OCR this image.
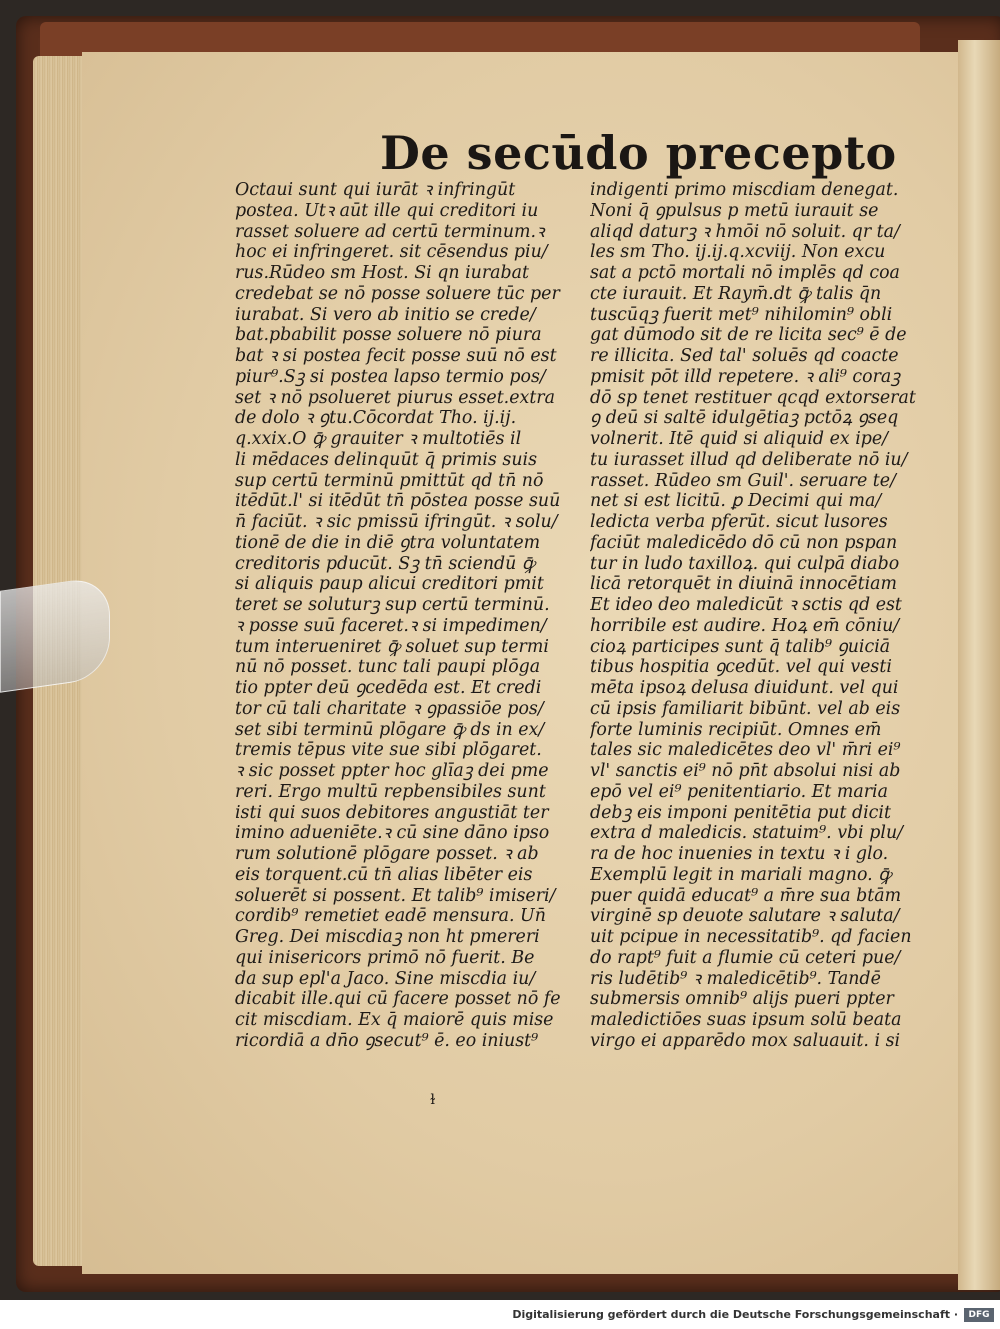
De secūdo precepto
Octaui sunt qui iurāt ꝛ infringūt
postea. Utꝛ aūt ille qui creditori iu
rasset soluere ad certū terminum.ꝛ
hoc ei infringeret. sit cēsendus piu/
rus.Rūdeo sm Host. Si qn iurabat
credebat se nō posse soluere tūc per
iurabat. Si vero ab initio se crede/
bat.pbabilit posse soluere nō piura
bat ꝛ si postea fecit posse suū nō est
piur⁹.Sꝫ si postea lapso termio pos/
set ꝛ nō psolueret piurus esset.extra
de dolo ꝛ ꝯtu.Cōcordat Tho. ij.ij.
q.xxix.O ꝙ̄ grauiter ꝛ multotiēs il
li mēdaces delinquūt q̄ primis suis
sup certū terminū pmittūt qd tn̄ nō
itēdūt.l' si itēdūt tn̄ pōstea posse suū
n̄ faciūt. ꝛ sic pmissū ifringūt. ꝛ solu/
tionē de die in diē ꝯtra voluntatem
creditoris pducūt. Sꝫ tn̄ sciendū ꝙ̄
si aliquis paup alicui creditori pmit
teret se soluturꝫ sup certū terminū.
ꝛ posse suū faceret.ꝛ si impedimen/
tum interueniret ꝙ̄ soluet sup termi
nū nō posset. tunc tali paupi plōga
tio ppter deū ꝯcedēda est. Et credi
tor cū tali charitate ꝛ ꝯpassiōe pos/
set sibi terminū plōgare ꝙ̄ ds in ex/
tremis tēpus vite sue sibi plōgaret.
ꝛ sic posset ppter hoc glīaꝫ dei pme
reri. Ergo multū repbensibiles sunt
isti qui suos debitores angustiāt ter
imino adueniēte.ꝛ cū sine dāno ipso
rum solutionē plōgare posset. ꝛ ab
eis torquent.cū tn̄ alias libēter eis
soluerēt si possent. Et talib⁹ imiseri/
cordib⁹ remetiet eadē mensura. Un̄
Greg. Dei miscdiaꝫ non ht pmereri
qui inisericors primō nō fuerit. Be
da sup epl'a Jaco. Sine miscdia iu/
dicabit ille.qui cū facere posset nō fe
cit miscdiam. Ex q̄ maiorē quis mise
ricordiā a dn̄o ꝯsecut⁹ ē. eo iniust⁹
indigenti primo miscdiam denegat.
Noni q̄ ꝯpulsus p metū iurauit se
aliqd daturꝫ ꝛ hmōi nō soluit. qr ta/
les sm Tho. ij.ij.q.xcviij. Non excu
sat a pctō mortali nō implēs qd coa
cte iurauit. Et Raym̄.dt ꝙ̄ talis q̄n
tuscūqꝫ fuerit met⁹ nihilomin⁹ obli
gat dūmodo sit de re licita sec⁹ ē de
re illicita. Sed tal' soluēs qd coacte
pmisit pōt illd repetere. ꝛ ali⁹ coraꝫ
dō sp tenet restituer qcqd extorserat
ꝯ deū si saltē idulgētiaꝫ pctōꝝ ꝯseq
volnerit. Itē quid si aliquid ex ipe/
tu iurasset illud qd deliberate nō iu/
rasset. Rūdeo sm Guil'. seruare te/
net si est licitū. ꝑ Decimi qui ma/
ledicta verba pferūt. sicut lusores
faciūt maledicēdo dō cū non pspan
tur in ludo taxilloꝝ. qui culpā diabo
licā retorquēt in diuinā innocētiam
Et ideo deo maledicūt ꝛ sctis qd est
horribile est audire. Hoꝝ em̄ cōniu/
cioꝝ participes sunt q̄ talib⁹ ꝯuiciā
tibus hospitia ꝯcedūt. vel qui vesti
mēta ipsoꝝ delusa diuidunt. vel qui
cū ipsis familiarit bibūnt. vel ab eis
forte luminis recipiūt. Omnes em̄
tales sic maledicētes deo vl' m̄ri ei⁹
vl' sanctis ei⁹ nō pn̄t absolui nisi ab
epō vel ei⁹ penitentiario. Et maria
debꝫ eis imponi penitētia put dicit
extra d maledicis. statuim⁹. vbi plu/
ra de hoc inuenies in textu ꝛ i glo.
Exemplū legit in mariali magno. ꝙ̄
puer quidā educat⁹ a m̄re sua btām
virginē sp deuote salutare ꝛ saluta/
uit pcipue in necessitatib⁹. qd facien
do rapt⁹ fuit a flumie cū ceteri pue/
ris ludētib⁹ ꝛ maledicētib⁹. Tandē
submersis omnib⁹ alijs pueri ppter
maledictiōes suas ipsum solū beata
virgo ei apparēdo mox saluauit. i si
ɫ
Digitalisierung gefördert durch die Deutsche Forschungsgemeinschaft ·	DFG
